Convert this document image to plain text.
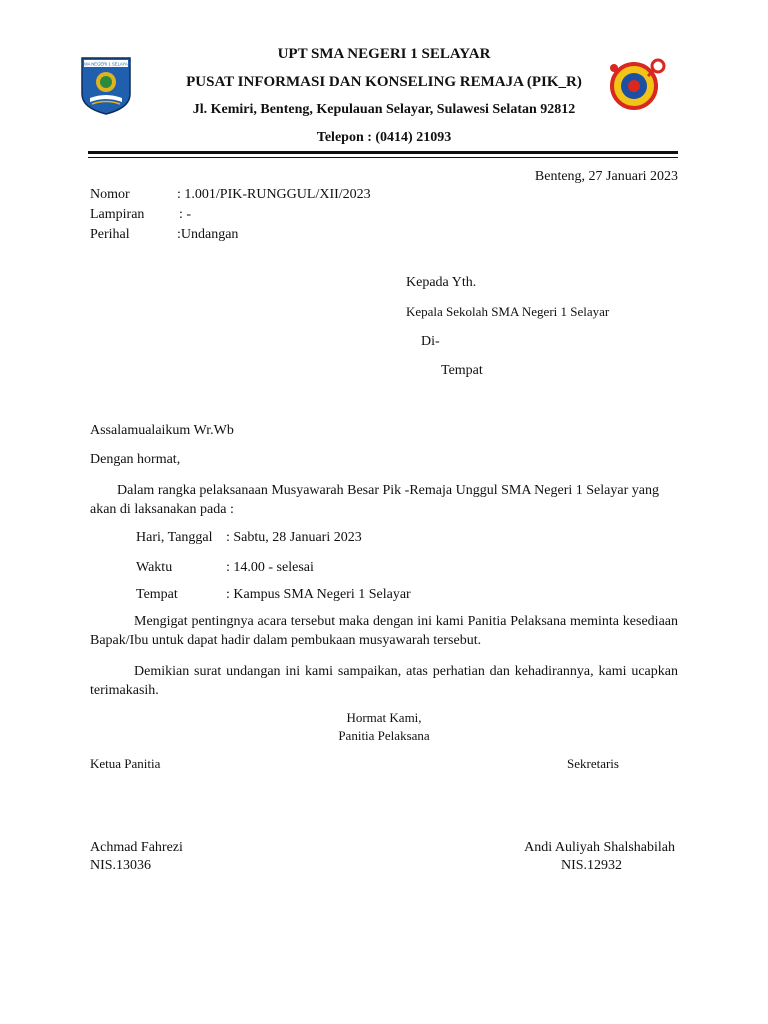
SMA NEGERI 1 SELAYAR
UPT SMA NEGERI 1 SELAYAR
PUSAT INFORMASI DAN KONSELING REMAJA (PIK_R)
Jl. Kemiri, Benteng, Kepulauan Selayar, Sulawesi Selatan 92812
Telepon : (0414) 21093
Benteng, 27 Januari 2023
Nomor	: 1.001/PIK-RUNGGUL/XII/2023
Lampiran : -
Perihal	:Undangan
Kepada Yth.
Kepala Sekolah SMA Negeri 1 Selayar
Di-
Tempat
Assalamualaikum Wr.Wb
Dengan hormat,
Dalam rangka pelaksanaan Musyawarah Besar Pik -Remaja Unggul SMA Negeri 1 Selayar yang akan di laksanakan pada :
Hari, Tanggal : Sabtu, 28 Januari 2023
Waktu	: 14.00 - selesai
Tempat	: Kampus SMA Negeri 1 Selayar
Mengigat pentingnya acara tersebut maka dengan ini kami Panitia Pelaksana meminta kesediaan Bapak/Ibu untuk dapat hadir dalam pembukaan musyawarah tersebut.
Demikian surat undangan ini kami sampaikan, atas perhatian dan kehadirannya, kami ucapkan terimakasih.
Hormat Kami,
Panitia Pelaksana
Ketua Panitia	Sekretaris
Achmad Fahrezi
NIS.13036
Andi Auliyah Shalshabilah
NIS.12932
